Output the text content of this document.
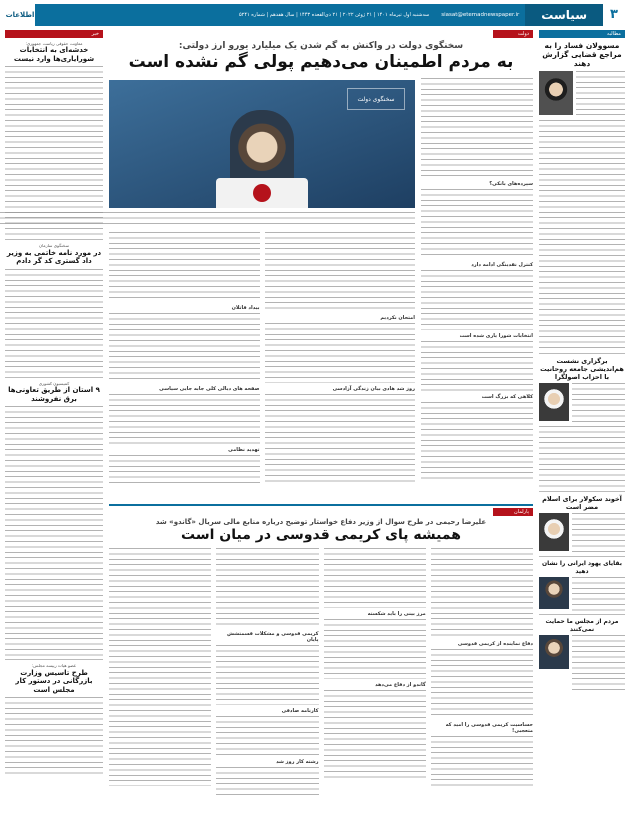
۳
سیاست
siasat@etemadnewspaper.ir
سه‌شنبه اول تیرماه ۱۴۰۱ | ۲۱ ژوئن ۲۰۲۲ | ۲۱ ذی‌القعده ۱۴۴۳ | سال هفدهم | شماره ۵۲۴۱
اطلاعات
مطالبه
مسوولان فساد را به مراجع قضایی گزارش دهند
برگزاری نشست هم‌اندیشی جامعه روحانیت با احزاب اصولگرا
آخوند سکولار برای اسلام مضر است
بقایای یهود ایرانی را نشان دهید
مردم از مجلس ما حمایت نمی‌کنند
دولت
سخنگوی دولت در واکنش به گم شدن یک میلیارد یورو ارز دولتی:
به مردم اطمینان می‌دهیم پولی گم نشده است
سپرده‌های بانکی؟
کنترل نقدینگی ادامه دارد
انتخابات شورا یاری شده است
کلاهی که بزرگ است
سخنگوی دولت
امتحان نکردیم
روز شد هادی بیان زندگی آزادسی
بیداد قاتلان
صفحه های دیالی کلی جابه جایی سیاسی
تهدید نظامی
پارلمان
علیرضا رحیمی در طرح سوال از وزیر دفاع خواستار توضیح درباره منابع مالی سریال «گاندو» شد
همیشه پای کریمی قدوسی در میان است
دفاع نماینده از کریمی قدوسی
حساسیت کریمی قدوسی را امید که متعجبی!
مرز بینی را باید شکسته
گاندو از دفاع می‌دهد
کریمی قدوسی و مشکلات قسمتشش پایان
کارنامه صادقی
رشته کار روز شد
خبر
معاونت حقوقی ریاست جمهوری:
خدشه‌ای به انتخابات شورایاری‌ها وارد نیست
سخنگوی سازمان
در مورد نامه خاتمی به وزیر داد گستری کد گر دادم
کمیسیون کشوری
۹ استان از طریق تعاونی‌ها برق نفروشند
عضو هیات رییسه مجلس:
طرح تاسیس وزارت بازرگانی در دستور کار مجلس است
